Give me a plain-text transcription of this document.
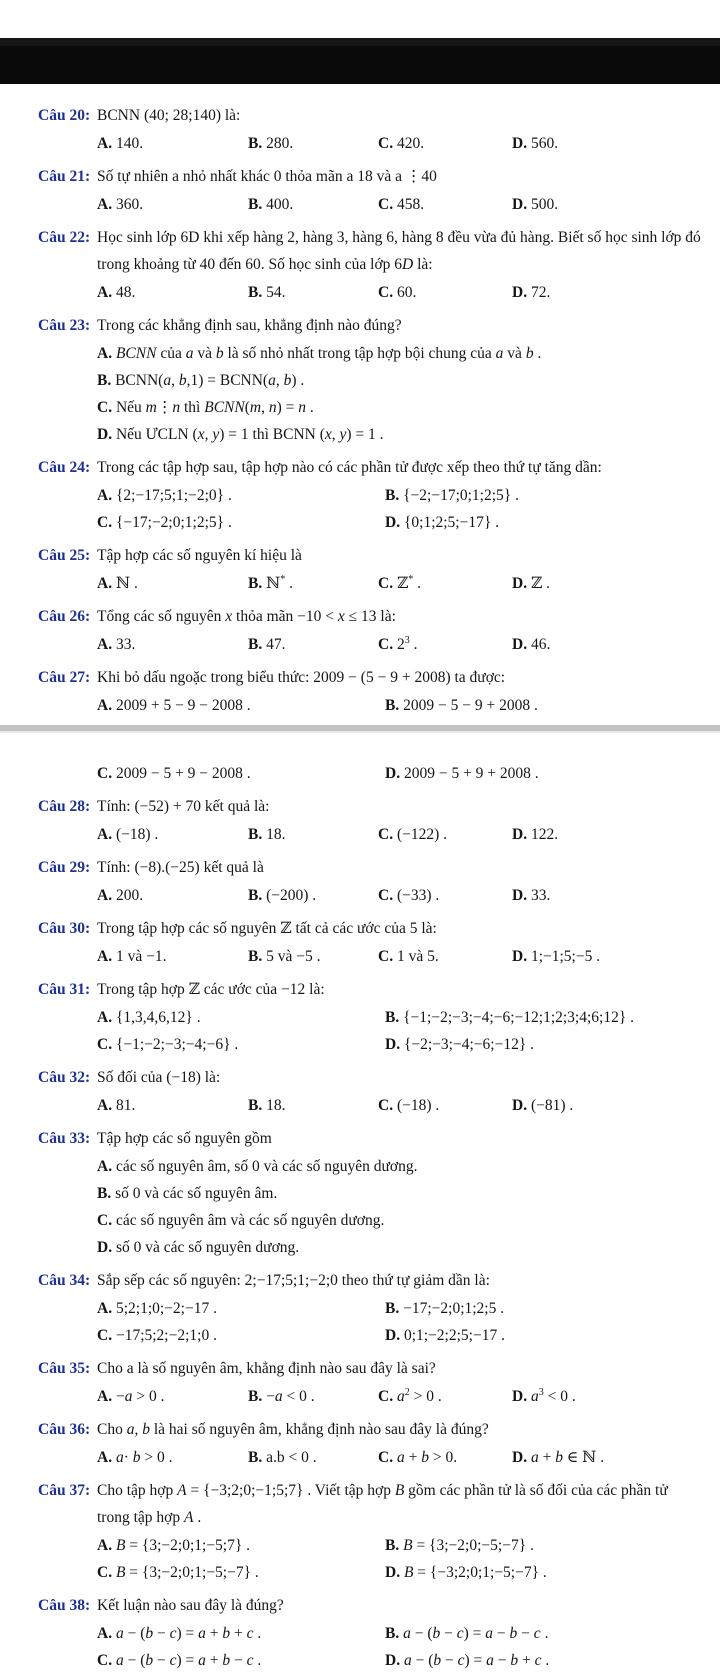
Câu 20: BCNN (40; 28;140) là:
A. 140.	B. 280.	C. 420.	D. 560.
Câu 21: Số tự nhiên a nhỏ nhất khác 0 thỏa mãn a 18 và a ⋮40
A. 360.	B. 400.	C. 458.	D. 500.
Câu 22: Học sinh lớp 6D khi xếp hàng 2, hàng 3, hàng 6, hàng 8 đều vừa đủ hàng. Biết số học sinh lớp đó trong khoảng từ 40 đến 60. Số học sinh của lớp 6D là:
A. 48.	B. 54.	C. 60.	D. 72.
Câu 23: Trong các khẳng định sau, khẳng định nào đúng?
A. BCNN của a và b là số nhỏ nhất trong tập hợp bội chung của a và b .
B. BCNN(a, b,1) = BCNN(a, b) .
C. Nếu m⋮n thì BCNN(m, n) = n .
D. Nếu ƯCLN (x, y) = 1 thì BCNN (x, y) = 1 .
Câu 24: Trong các tập hợp sau, tập hợp nào có các phần tử được xếp theo thứ tự tăng dần:
A. {2;−17;5;1;−2;0} .	B. {−2;−17;0;1;2;5} .
C. {−17;−2;0;1;2;5} .	D. {0;1;2;5;−17} .
Câu 25: Tập hợp các số nguyên kí hiệu là
A. ℕ .	B. ℕ* .	C. ℤ* .	D. ℤ .
Câu 26: Tổng các số nguyên x thỏa mãn −10 < x ≤ 13 là:
A. 33.	B. 47.	C. $2^3$ .	D. 46.
Câu 27: Khi bỏ dấu ngoặc trong biểu thức: 2009 − (5 − 9 + 2008) ta được:
A. 2009 + 5 − 9 − 2008 .	B. 2009 − 5 − 9 + 2008 .
C. 2009 − 5 + 9 − 2008 .	D. 2009 − 5 + 9 + 2008 .
Câu 28: Tính: (−52) + 70 kết quả là:
A. (−18) .	B. 18.	C. (−122) .	D. 122.
Câu 29: Tính: (−8).(−25) kết quả là
A. 200.	B. (−200) .	C. (−33) .	D. 33.
Câu 30: Trong tập hợp các số nguyên ℤ tất cả các ước của 5 là:
A. 1 và −1.	B. 5 và −5 .	C. 1 và 5.	D. 1;−1;5;−5 .
Câu 31: Trong tập hợp ℤ các ước của −12 là:
A. {1,3,4,6,12} .	B. {−1;−2;−3;−4;−6;−12;1;2;3;4;6;12} .
C. {−1;−2;−3;−4;−6} .	D. {−2;−3;−4;−6;−12} .
Câu 32: Số đối của (−18) là:
A. 81.	B. 18.	C. (−18) .	D. (−81) .
Câu 33: Tập hợp các số nguyên gồm
A. các số nguyên âm, số 0 và các số nguyên dương.
B. số 0 và các số nguyên âm.
C. các số nguyên âm và các số nguyên dương.
D. số 0 và các số nguyên dương.
Câu 34: Sắp sếp các số nguyên: 2;−17;5;1;−2;0 theo thứ tự giảm dần là:
A. 5;2;1;0;−2;−17 .	B. −17;−2;0;1;2;5 .
C. −17;5;2;−2;1;0 .	D. 0;1;−2;2;5;−17 .
Câu 35: Cho a là số nguyên âm, khẳng định nào sau đây là sai?
A. −a > 0 .	B. −a < 0 .	C. $a^2 > 0$ .	D. $a^3 < 0$ .
Câu 36: Cho a, b là hai số nguyên âm, khẳng định nào sau đây là đúng?
A. a· b > 0 .	B. a.b < 0 .	C. a + b > 0.	D. a + b ∈ ℕ .
Câu 37: Cho tập hợp A = {−3;2;0;−1;5;7} . Viết tập hợp B gồm các phần tử là số đối của các phần tử trong tập hợp A .
A. B = {3;−2;0;1;−5;7} .	B. B = {3;−2;0;−5;−7} .
C. B = {3;−2;0;1;−5;−7} .	D. B = {−3;2;0;1;−5;−7} .
Câu 38: Kết luận nào sau đây là đúng?
A. a − (b − c) = a + b + c .	B. a − (b − c) = a − b − c .
C. a − (b − c) = a + b − c .	D. a − (b − c) = a − b + c .
